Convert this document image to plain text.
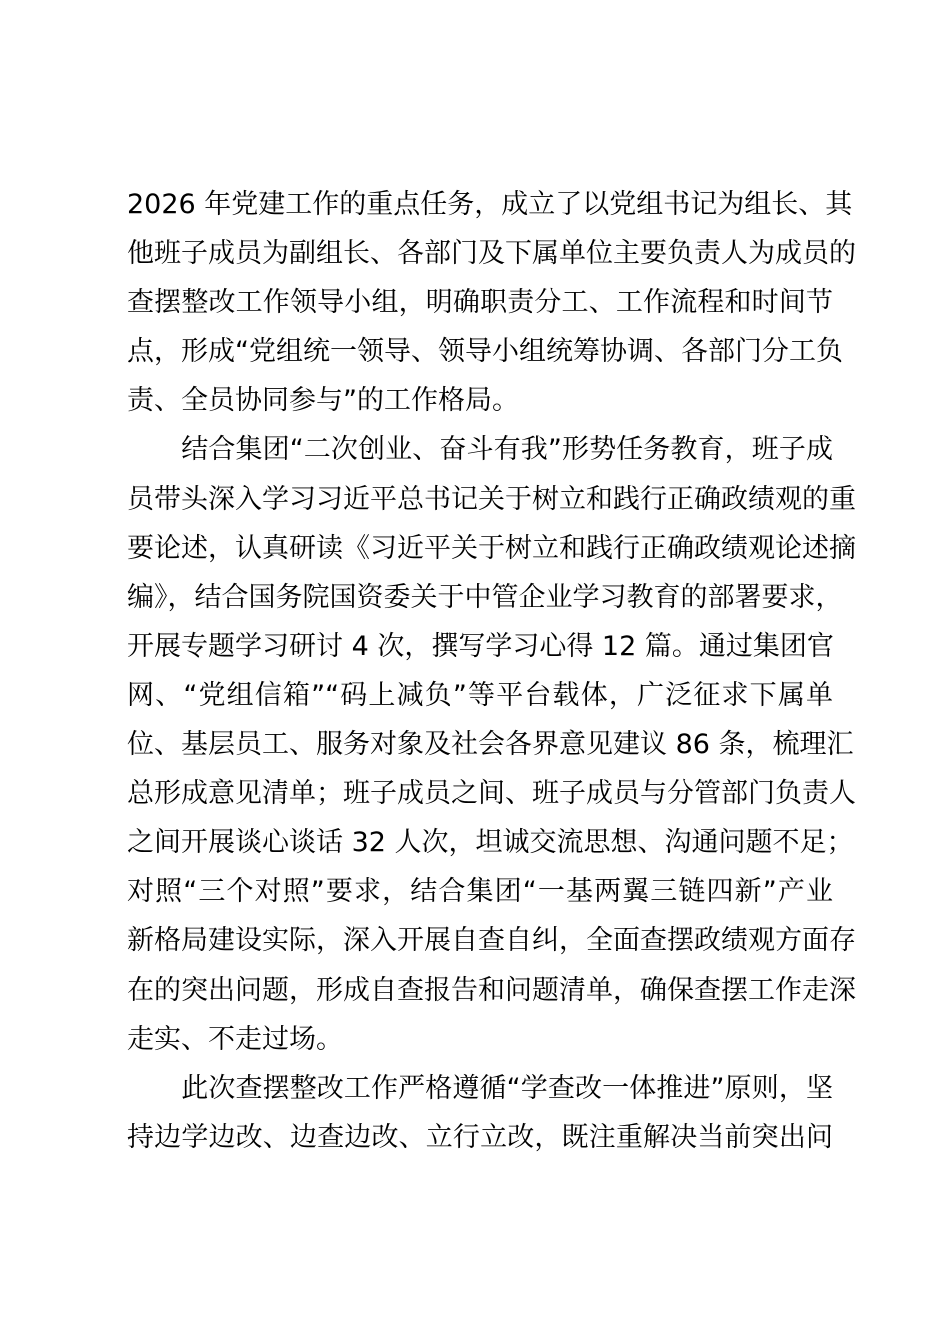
2026 年党建工作的重点任务，成立了以党组书记为组长、其
他班子成员为副组长、各部门及下属单位主要负责人为成员的
查摆整改工作领导小组，明确职责分工、工作流程和时间节
点，形成“党组统一领导、领导小组统筹协调、各部门分工负
责、全员协同参与”的工作格局。
　　结合集团“二次创业、奋斗有我”形势任务教育，班子成
员带头深入学习习近平总书记关于树立和践行正确政绩观的重
要论述，认真研读《习近平关于树立和践行正确政绩观论述摘
编》，结合国务院国资委关于中管企业学习教育的部署要求，
开展专题学习研讨 4 次，撰写学习心得 12 篇。通过集团官
网、“党组信箱”“码上减负”等平台载体，广泛征求下属单
位、基层员工、服务对象及社会各界意见建议 86 条，梳理汇
总形成意见清单；班子成员之间、班子成员与分管部门负责人
之间开展谈心谈话 32 人次，坦诚交流思想、沟通问题不足；
对照“三个对照”要求，结合集团“一基两翼三链四新”产业
新格局建设实际，深入开展自查自纠，全面查摆政绩观方面存
在的突出问题，形成自查报告和问题清单，确保查摆工作走深
走实、不走过场。
　　此次查摆整改工作严格遵循“学查改一体推进”原则，坚
持边学边改、边查边改、立行立改，既注重解决当前突出问
